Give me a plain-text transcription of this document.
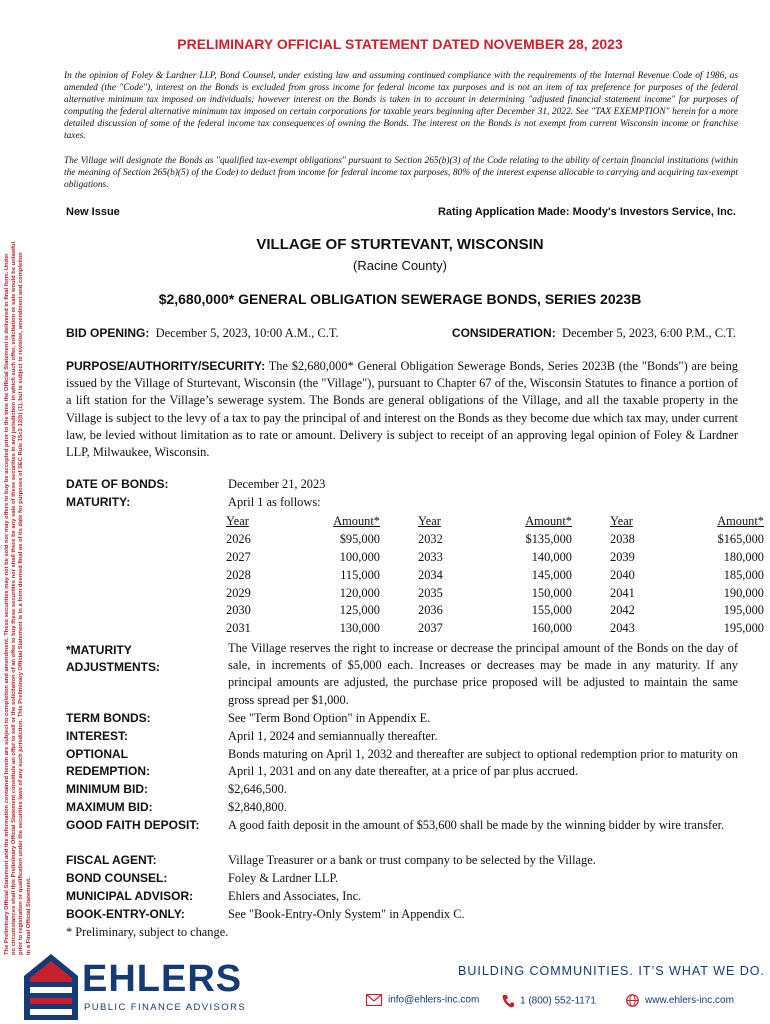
The Preliminary Official Statement and the information contained herein are subject to completion and amendment. These securities may not be sold nor may offers to buy be accepted prior to the time the Official Statement is delivered in final form. Under no circumstances shall this Preliminary Official Statement constitute an offer to sell or the solicitation of an offer to buy these securities nor shall there be any sale of these securities in any jurisdiction in which such offer, solicitation or sale would be unlawful prior to registration or qualification under the securities laws of any such jurisdiction. This Preliminary Official Statement is in a form deemed final as of its date for purposes of SEC Rule 15c2-12(b) (1), but is subject to revision, amendment and completion in a Final Official Statement.
PRELIMINARY OFFICIAL STATEMENT DATED NOVEMBER 28, 2023
In the opinion of Foley & Lardner LLP, Bond Counsel, under existing law and assuming continued compliance with the requirements of the Internal Revenue Code of 1986, as amended (the "Code"), interest on the Bonds is excluded from gross income for federal income tax purposes and is not an item of tax preference for purposes of the federal alternative minimum tax imposed on individuals; however interest on the Bonds is taken in to account in determining "adjusted financial statement income" for purposes of computing the federal alternative minimum tax imposed on certain corporations for taxable years beginning after December 31, 2022. See "TAX EXEMPTION" herein for a more detailed discussion of some of the federal income tax consequences of owning the Bonds. The interest on the Bonds is not exempt from current Wisconsin income or franchise taxes.
The Village will designate the Bonds as "qualified tax-exempt obligations" pursuant to Section 265(b)(3) of the Code relating to the ability of certain financial institutions (within the meaning of Section 265(b)(5) of the Code) to deduct from income for federal income tax purposes, 80% of the interest expense allocable to carrying and acquiring tax-exempt obligations.
New Issue	Rating Application Made: Moody's Investors Service, Inc.
VILLAGE OF STURTEVANT, WISCONSIN
(Racine County)
$2,680,000* GENERAL OBLIGATION SEWERAGE BONDS, SERIES 2023B
BID OPENING: December 5, 2023, 10:00 A.M., C.T.	CONSIDERATION: December 5, 2023, 6:00 P.M., C.T.
PURPOSE/AUTHORITY/SECURITY: The $2,680,000* General Obligation Sewerage Bonds, Series 2023B (the "Bonds") are being issued by the Village of Sturtevant, Wisconsin (the "Village"), pursuant to Chapter 67 of the, Wisconsin Statutes to finance a portion of a lift station for the Village’s sewerage system. The Bonds are general obligations of the Village, and all the taxable property in the Village is subject to the levy of a tax to pay the principal of and interest on the Bonds as they become due which tax may, under current law, be levied without limitation as to rate or amount. Delivery is subject to receipt of an approving legal opinion of Foley & Lardner LLP, Milwaukee, Wisconsin.
DATE OF BONDS:	December 21, 2023
MATURITY:	April 1 as follows:
Year	Amount*		Year	Amount*		Year	Amount*
2026	$95,000		2032	$135,000		2038	$165,000
2027	100,000		2033	140,000		2039	180,000
2028	115,000		2034	145,000		2040	185,000
2029	120,000		2035	150,000		2041	190,000
2030	125,000		2036	155,000		2042	195,000
2031	130,000		2037	160,000		2043	195,000
*MATURITY
ADJUSTMENTS:
The Village reserves the right to increase or decrease the principal amount of the Bonds on the day of sale, in increments of $5,000 each. Increases or decreases may be made in any maturity. If any principal amounts are adjusted, the purchase price proposed will be adjusted to maintain the same gross spread per $1,000.
TERM BONDS:	See "Term Bond Option" in Appendix E.
INTEREST:	April 1, 2024 and semiannually thereafter.
OPTIONAL
REDEMPTION:
Bonds maturing on April 1, 2032 and thereafter are subject to optional redemption prior to maturity on April 1, 2031 and on any date thereafter, at a price of par plus accrued.
MINIMUM BID:	$2,646,500.
MAXIMUM BID:	$2,840,800.
GOOD FAITH DEPOSIT: A good faith deposit in the amount of $53,600 shall be made by the winning bidder by wire transfer.
FISCAL AGENT:	Village Treasurer or a bank or trust company to be selected by the Village.
BOND COUNSEL:	Foley & Lardner LLP.
MUNICIPAL ADVISOR:	Ehlers and Associates, Inc.
BOOK-ENTRY-ONLY:	See "Book-Entry-Only System" in Appendix C.
* Preliminary, subject to change.
EHLERS
PUBLIC FINANCE ADVISORS
BUILDING COMMUNITIES. IT’S WHAT WE DO.
info@ehlers-inc.com	1 (800) 552-1171	www.ehlers-inc.com
